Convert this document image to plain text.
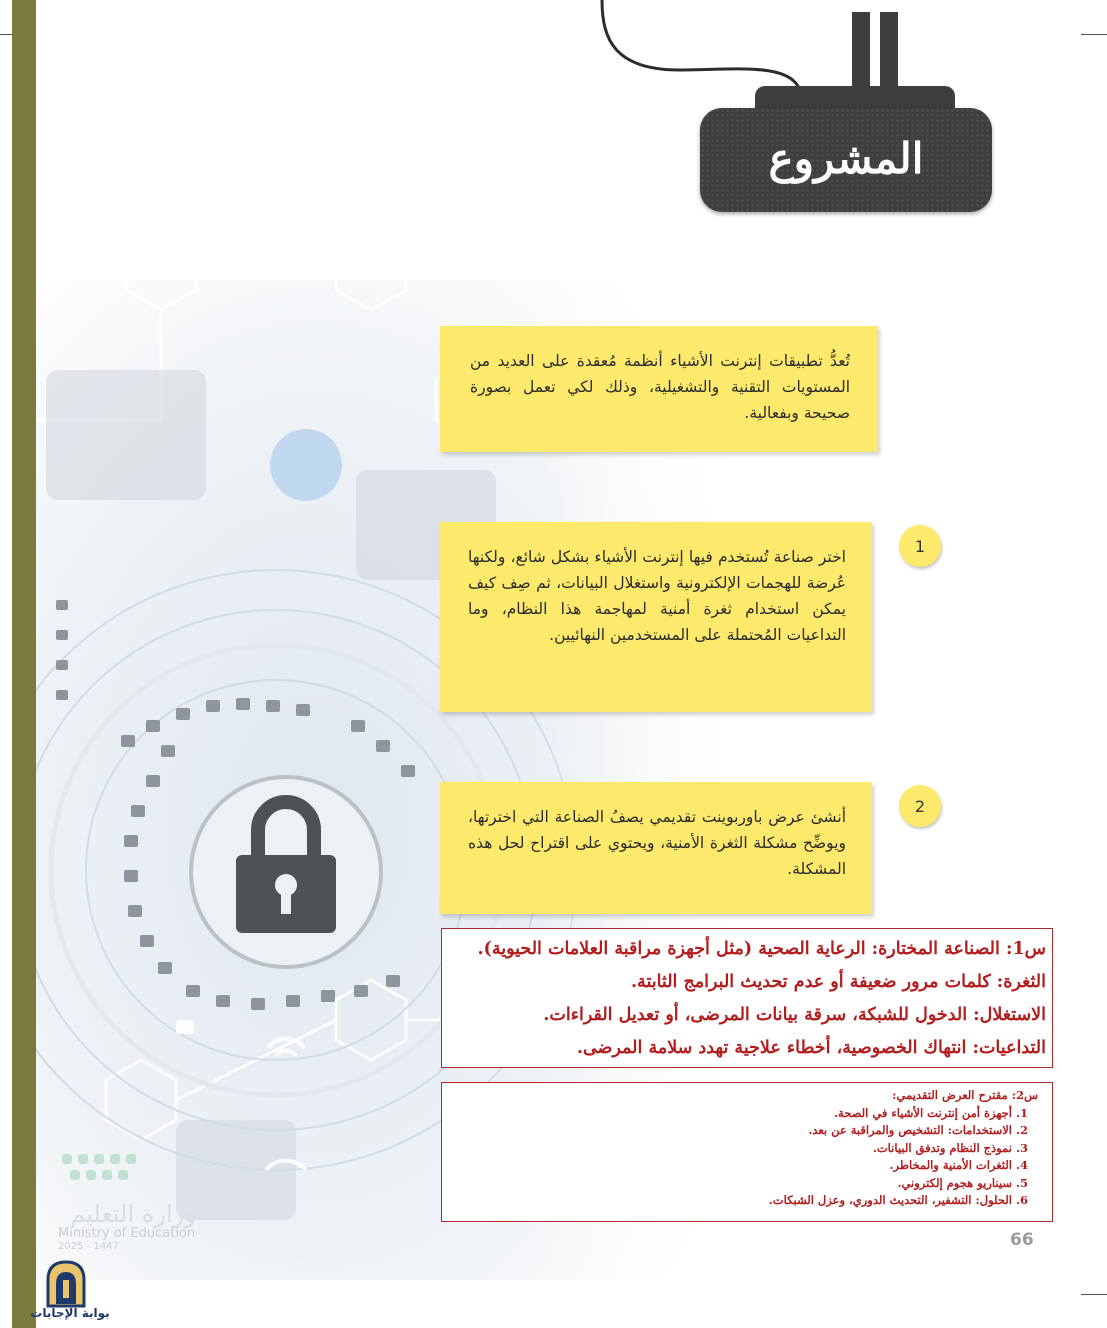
المشروع

تُعدُّ تطبيقات إنترنت الأشياء أنظمة مُعقدة على العديد من المستويات التقنية والتشغيلية، وذلك لكي تعمل بصورة صحيحة وبفعالية.

1

اختر صناعة تُستخدم فيها إنترنت الأشياء بشكل شائع، ولكنها عُرضة للهجمات الإلكترونية واستغلال البيانات، ثم صِف كيف يمكن استخدام ثغرة أمنية لمهاجمة هذا النظام، وما التداعيات المُحتملة على المستخدمين النهائيين.

2

أنشئ عرض باوربوينت تقديمي يصفُ الصناعة التي اخترتها، ويوضِّح مشكلة الثغرة الأمنية، ويحتوي على اقتراح لحل هذه المشكلة.

س1: الصناعة المختارة: الرعاية الصحية (مثل أجهزة مراقبة العلامات الحيوية).
الثغرة: كلمات مرور ضعيفة أو عدم تحديث البرامج الثابتة.
الاستغلال: الدخول للشبكة، سرقة بيانات المرضى، أو تعديل القراءات.
التداعيات: انتهاك الخصوصية، أخطاء علاجية تهدد سلامة المرضى.
س2: مقترح العرض التقديمي:
1. أجهزة أمن إنترنت الأشياء في الصحة.
2. الاستخدامات: التشخيص والمراقبة عن بعد.
3. نموذج النظام وتدفق البيانات.
4. الثغرات الأمنية والمخاطر.
5. سيناريو هجوم إلكتروني.
6. الحلول: التشفير، التحديث الدوري، وعزل الشبكات.
66
وزارة التعليم
Ministry of Education
2025 - 1447
بوابة الإجابات
